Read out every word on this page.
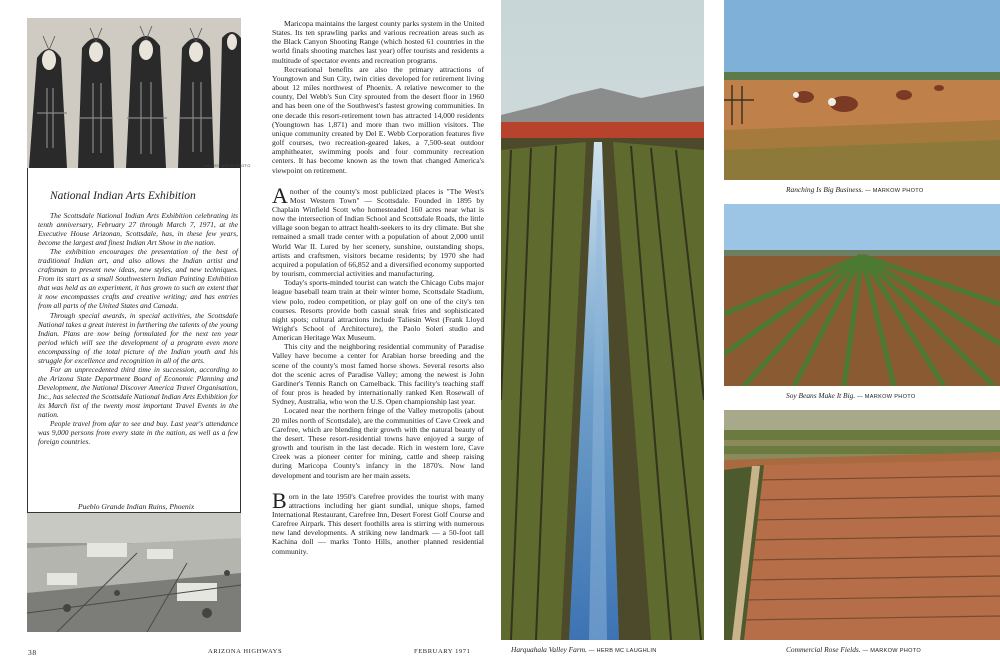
ALLIED ARTS PHOTO
National Indian Arts Exhibition

The Scottsdale National Indian Arts Exhibition celebrating its tenth anniversary, February 27 through March 7, 1971, at the Executive House Arizonan, Scottsdale, has, in these few years, become the largest and finest Indian Art Show in the nation.

The exhibition encourages the presentation of the best of traditional Indian art, and also allows the Indian artist and craftsman to present new ideas, new styles, and new techniques. From its start as a small Southwestern Indian Painting Exhibition that was held as an experiment, it has grown to such an extent that it now encompasses crafts and creative writing; and has entries from all parts of the United States and Canada.

Through special awards, in special activities, the Scottsdale National takes a great interest in furthering the talents of the young Indian. Plans are now being formulated for the next ten year period which will see the development of a program even more encompassing of the total picture of the Indian youth and his struggle for excellence and recognition in all of the arts.

For an unprecedented third time in succession, according to the Arizona State Department Board of Economic Planning and Development, the National Discover America Travel Organisation, Inc., has selected the Scottsdale National Indian Arts Exhibition for its March list of the twenty most important Travel Events in the nation.

People travel from afar to see and buy. Last year's attendance was 9,000 persons from every state in the nation, as well as a few foreign countries.

Pueblo Grande Indian Ruins, Phoenix

Maricopa maintains the largest county parks system in the United States. Its ten sprawling parks and various recreation areas such as the Black Canyon Shooting Range (which hosted 61 countries in the world finals shooting matches last year) offer tourists and residents a multitude of spectator events and recreation programs.

Recreational benefits are also the primary attractions of Youngtown and Sun City, twin cities developed for retirement living about 12 miles northwest of Phoenix. A relative newcomer to the county, Del Webb's Sun City sprouted from the desert floor in 1960 and has been one of the Southwest's fastest growing communities. In one decade this resort-retirement town has attracted 14,000 residents (Youngtown has 1,871) and more than two million visitors. The unique community created by Del E. Webb Corporation features five golf courses, two recreation-geared lakes, a 7,500-seat outdoor amphitheater, swimming pools and four community recreation centers. It has become known as the town that changed America's viewpoint on retirement.

Another of the county's most publicized places is "The West's Most Western Town" — Scottsdale. Founded in 1895 by Chaplain Winfield Scott who homesteaded 160 acres near what is now the intersection of Indian School and Scottsdale Roads, the little village soon began to attract health-seekers to its dry climate. But she remained a small trade center with a population of about 2,000 until World War II. Lured by her scenery, sunshine, outstanding shops, artists and craftsmen, visitors became residents; by 1970 she had acquired a population of 66,852 and a diversified economy supported by tourism, commercial activities and manufacturing.

Today's sports-minded tourist can watch the Chicago Cubs major league baseball team train at their winter home, Scottsdale Stadium, view polo, rodeo competition, or play golf on one of the city's ten courses. Resorts provide both casual steak fries and sophisticated night spots; cultural attractions include Taliesin West (Frank Lloyd Wright's School of Architecture), the Paolo Soleri studio and American Heritage Wax Museum.

This city and the neighboring residential community of Paradise Valley have become a center for Arabian horse breeding and the scene of the county's most famed horse shows. Several resorts also dot the scenic acres of Paradise Valley; among the newest is John Gardiner's Tennis Ranch on Camelback. This facility's teaching staff of four pros is headed by internationally ranked Ken Rosewall of Sydney, Australia, who won the U.S. Open championship last year.

Located near the northern fringe of the Valley metropolis (about 20 miles north of Scottsdale), are the communities of Cave Creek and Carefree, which are blending their growth with the natural beauty of the desert. These resort-residential towns have enjoyed a surge of growth and tourism in the last decade. Rich in western lore, Cave Creek was a pioneer center for mining, cattle and sheep raising during Maricopa County's infancy in the 1870's. Now land development and tourism are her main assets.

Born in the late 1950's Carefree provides the tourist with many attractions including her giant sundial, unique shops, famed International Restaurant, Carefree Inn, Desert Forest Golf Course and Carefree Airpark. This desert foothills area is stirring with numerous new land developments. A striking new landmark — a 50-foot tall Kachina doll — marks Tonto Hills, another planned residential community.

38	ARIZONA HIGHWAYS	FEBRUARY 1971	Harquahala Valley Farm. — HERB MC LAUGHLIN
Ranching Is Big Business. — MARKOW PHOTO
Soy Beans Make It Big. — MARKOW PHOTO
Commercial Rose Fields. — MARKOW PHOTO
